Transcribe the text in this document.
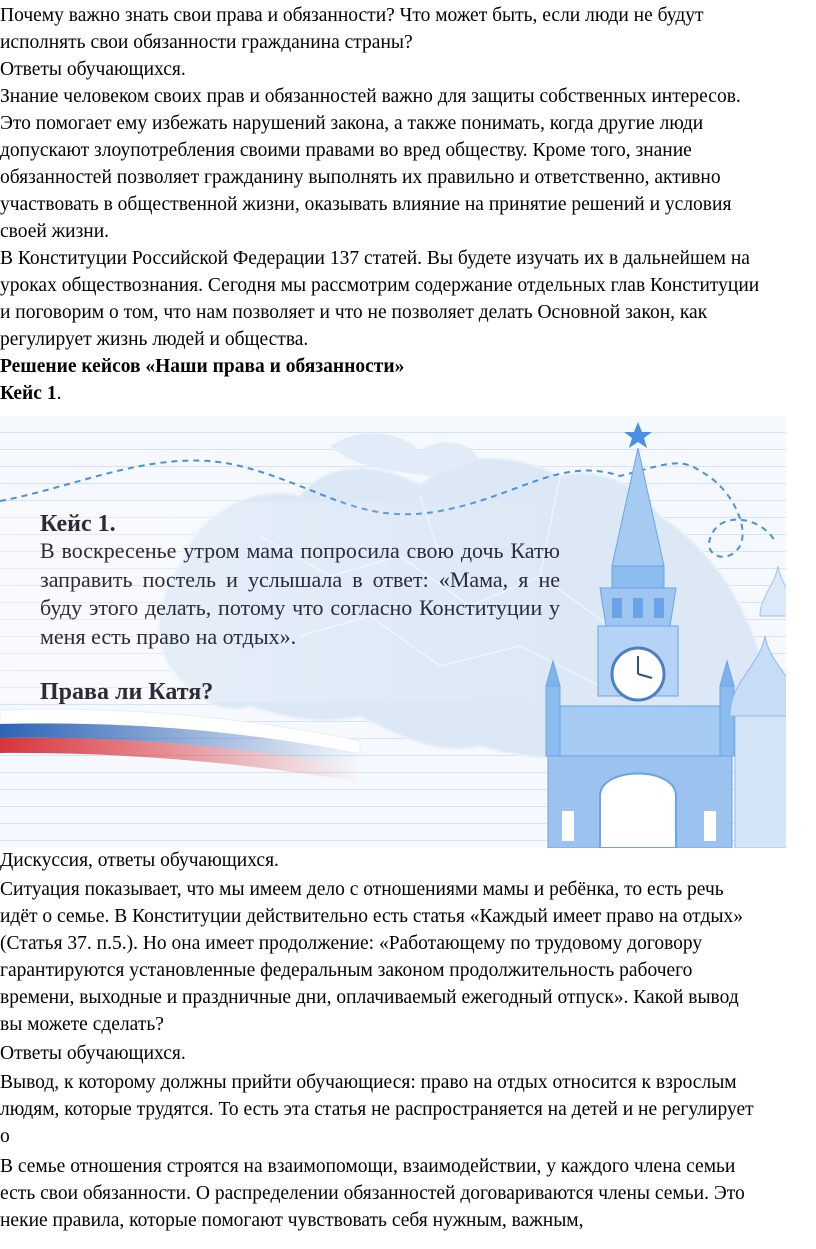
Почему важно знать свои права и обязанности? Что может быть, если люди не будут

исполнять свои обязанности гражданина страны?

Ответы обучающихся.

Знание человеком своих прав и обязанностей важно для защиты собственных интересов.

Это помогает ему избежать нарушений закона, а также понимать, когда другие люди

допускают злоупотребления своими правами во вред обществу. Кроме того, знание

обязанностей позволяет гражданину выполнять их правильно и ответственно, активно

участвовать в общественной жизни, оказывать влияние на принятие решений и условия

своей жизни.

В Конституции Российской Федерации 137 статей. Вы будете изучать их в дальнейшем на

уроках обществознания. Сегодня мы рассмотрим содержание отдельных глав Конституции

и поговорим о том, что нам позволяет и что не позволяет делать Основной закон, как

регулирует жизнь людей и общества.

Решение кейсов «Наши права и обязанности»

Кейс 1.

Кейс 1.

В воскресенье утром мама попросила свою дочь Катю заправить постель и услышала в ответ: «Мама, я не буду этого делать, потому что согласно Конституции у меня есть право на отдых».

Права ли Катя?

Дискуссия, ответы обучающихся.

Ситуация показывает, что мы имеем дело с отношениями мамы и ребёнка, то есть речь

идёт о семье. В Конституции действительно есть статья «Каждый имеет право на отдых»

(Статья 37. п.5.). Но она имеет продолжение: «Работающему по трудовому договору

гарантируются установленные федеральным законом продолжительность рабочего

времени, выходные и праздничные дни, оплачиваемый ежегодный отпуск». Какой вывод

вы можете сделать?

Ответы обучающихся.

Вывод, к которому должны прийти обучающиеся: право на отдых относится к взрослым

людям, которые трудятся. То есть эта статья не распространяется на детей и не регулирует

о

В семье отношения строятся на взаимопомощи, взаимодействии, у каждого члена семьи

есть свои обязанности. О распределении обязанностей договариваются члены семьи. Это

некие правила, которые помогают чувствовать себя нужным, важным,
